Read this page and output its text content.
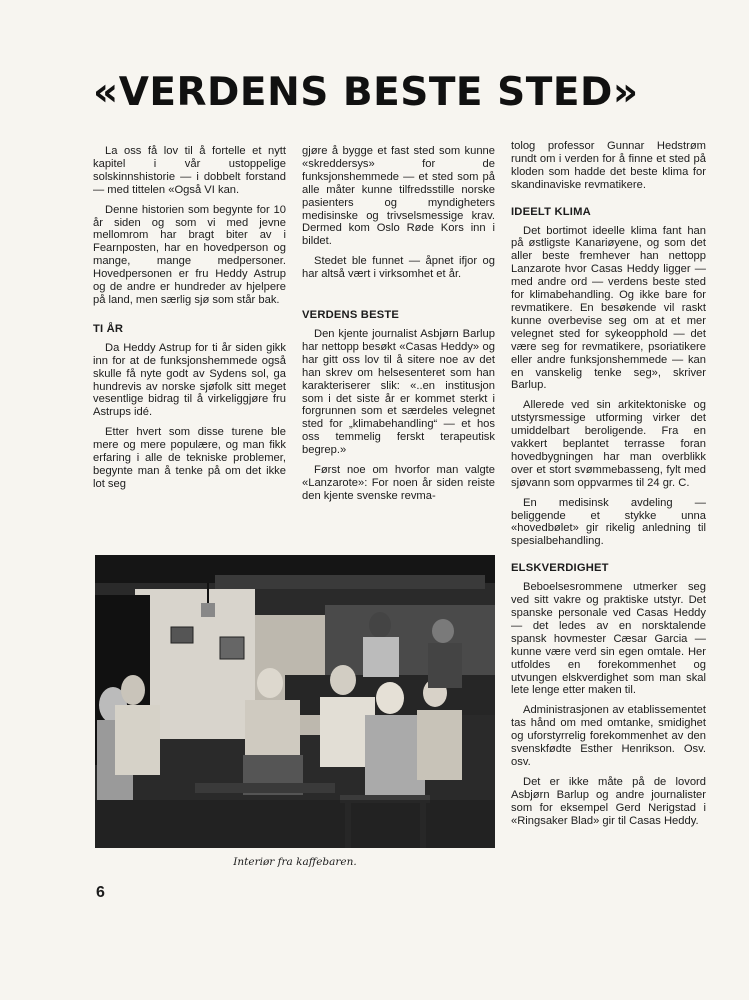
«VERDENS BESTE STED»

La oss få lov til å fortelle et nytt kapitel i vår ustoppelige solskinnshistorie — i dobbelt forstand — med tittelen «Også VI kan.

Denne historien som begynte for 10 år siden og som vi med jevne mellomrom har bragt biter av i Fearnposten, har en hovedperson og mange, mange medpersoner. Hovedpersonen er fru Heddy Astrup og de andre er hundreder av hjelpere på land, men særlig sjø som står bak.

TI ÅR

Da Heddy Astrup for ti år siden gikk inn for at de funksjonshemmede også skulle få nyte godt av Sydens sol, ga hundrevis av norske sjøfolk sitt meget vesentlige bidrag til å virkeliggjøre fru Astrups idé.

Etter hvert som disse turene ble mere og mere populære, og man fikk erfaring i alle de tekniske problemer, begynte man å tenke på om det ikke lot seg

gjøre å bygge et fast sted som kunne «skreddersys» for de funksjonshemmede — et sted som på alle måter kunne tilfredsstille norske pasienters og myndigheters medisinske og trivselsmessige krav. Dermed kom Oslo Røde Kors inn i bildet.

Stedet ble funnet — åpnet ifjor og har altså vært i virksomhet et år.

VERDENS BESTE

Den kjente journalist Asbjørn Barlup har nettopp besøkt «Casas Heddy» og har gitt oss lov til å sitere noe av det han skrev om helsesenteret som han karakteriserer slik: «..en institusjon som i det siste år er kommet sterkt i forgrunnen som et særdeles velegnet sted for „klimabehandling“ — et hos oss temmelig ferskt terapeutisk begrep.»

Først noe om hvorfor man valgte «Lanzarote»: For noen år siden reiste den kjente svenske revma-

tolog professor Gunnar Hedstrøm rundt om i verden for å finne et sted på kloden som hadde det beste klima for skandinaviske revmatikere.

IDEELT KLIMA

Det bortimot ideelle klima fant han på østligste Kanariøyene, og som det aller beste fremhever han nettopp Lanzarote hvor Casas Heddy ligger — med andre ord — verdens beste sted for klimabehandling. Og ikke bare for revmatikere. En besøkende vil raskt kunne overbevise seg om at et mer velegnet sted for sykeopphold — det være seg for revmatikere, psoriatikere eller andre funksjonshemmede — kan en vanskelig tenke seg», skriver Barlup.

Allerede ved sin arkitektoniske og utstyrsmessige utforming virker det umiddelbart beroligende. Fra en vakkert beplantet terrasse foran hovedbygningen har man overblikk over et stort svømmebasseng, fylt med sjøvann som oppvarmes til 24 gr. C.

En medisinsk avdeling — beliggende et stykke unna «hovedbølet» gir rikelig anledning til spesialbehandling.

ELSKVERDIGHET

Beboelsesrommene utmerker seg ved sitt vakre og praktiske utstyr. Det spanske personale ved Casas Heddy — det ledes av en norsktalende spansk hovmester Cæsar Garcia — kunne være verd sin egen omtale. Her utfoldes en forekommenhet og utvungen elskverdighet som man skal lete lenge etter maken til.

Administrasjonen av etablissementet tas hånd om med omtanke, smidighet og uforstyrrelig forekommenhet av den svenskfødte Esther Henrikson. Osv. osv.

Det er ikke måte på de lovord Asbjørn Barlup og andre journalister som for eksempel Gerd Nerigstad i «Ringsaker Blad» gir til Casas Heddy.

Interiør fra kaffebaren.
6
